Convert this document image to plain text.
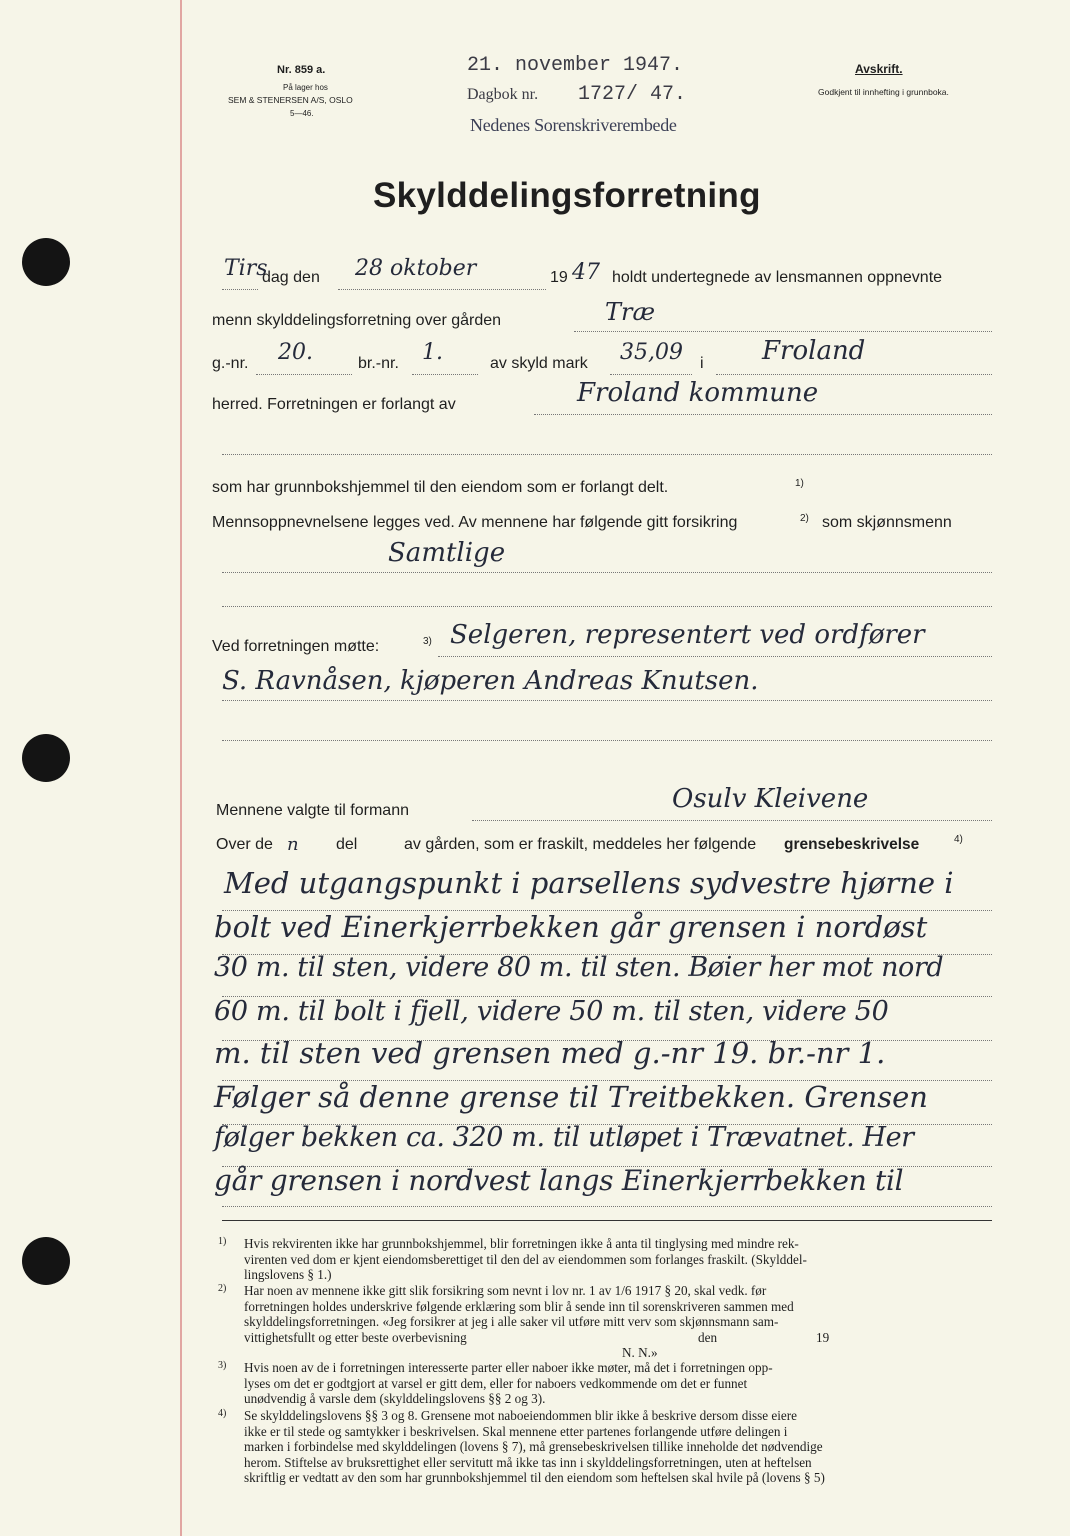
Nr. 859 a.
På lager hos
SEM & STENERSEN A/S, OSLO
5—46.
21. november 1947.
Dagbok nr. 1727/ 47.
Nedenes Sorenskriverembede
Avskrift.
Godkjent til innhefting i grunnboka.
Skylddelingsforretning
Tirs
dag den 28 oktober	19 47 holdt undertegnede av lensmannen oppnevnte
menn skylddelingsforretning over gården	Træ
g.-nr. 20.	br.-nr. 1.	av skyld mark 35,09 i Froland
herred. Forretningen er forlangt av	Froland kommune
som har grunnbokshjemmel til den eiendom som er forlangt delt.	1)
Mennsoppnevnelsene legges ved. Av mennene har følgende gitt forsikring	2) som skjønnsmenn
Samtlige
Ved forretningen møtte:	3) Selgeren, representert ved ordfører
S. Ravnåsen, kjøperen Andreas Knutsen.
Mennene valgte til formann	Osulv Kleivene
Over de n del	av gården, som er fraskilt, meddeles her følgende grensebeskrivelse	4)
Med utgangspunkt i parsellens sydvestre hjørne i
bolt ved Einerkjerrbekken går grensen i nordøst
30 m. til sten, videre 80 m. til sten. Bøier her mot nord
60 m. til bolt i fjell, videre 50 m. til sten, videre 50
m. til sten ved grensen med g.-nr 19. br.-nr 1.
Følger så denne grense til Treitbekken. Grensen
følger bekken ca. 320 m. til utløpet i Trævatnet. Her
går grensen i nordvest langs Einerkjerrbekken til
1) Hvis rekvirenten ikke har grunnbokshjemmel, blir forretningen ikke å anta til tinglysing med mindre rek-
virenten ved dom er kjent eiendomsberettiget til den del av eiendommen som forlanges fraskilt. (Skylddel-
lingslovens § 1.)
2) Har noen av mennene ikke gitt slik forsikring som nevnt i lov nr. 1 av 1/6 1917 § 20, skal vedk. før
forretningen holdes underskrive følgende erklæring som blir å sende inn til sorenskriveren sammen med
skylddelingsforretningen. «Jeg forsikrer at jeg i alle saker vil utføre mitt verv som skjønnsmann sam-
vittighetsfullt og etter beste overbevisning	den	19
N. N.»
3) Hvis noen av de i forretningen interesserte parter eller naboer ikke møter, må det i forretningen opp-
lyses om det er godtgjort at varsel er gitt dem, eller for naboers vedkommende om det er funnet
unødvendig å varsle dem (skylddelingslovens §§ 2 og 3).
4) Se skylddelingslovens §§ 3 og 8. Grensene mot naboeiendommen blir ikke å beskrive dersom disse eiere
ikke er til stede og samtykker i beskrivelsen. Skal mennene etter partenes forlangende utføre delingen i
marken i forbindelse med skylddelingen (lovens § 7), må grensebeskrivelsen tillike inneholde det nødvendige
herom. Stiftelse av bruksrettighet eller servitutt må ikke tas inn i skylddelingsforretningen, uten at heftelsen
skriftlig er vedtatt av den som har grunnbokshjemmel til den eiendom som heftelsen skal hvile på (lovens § 5)
